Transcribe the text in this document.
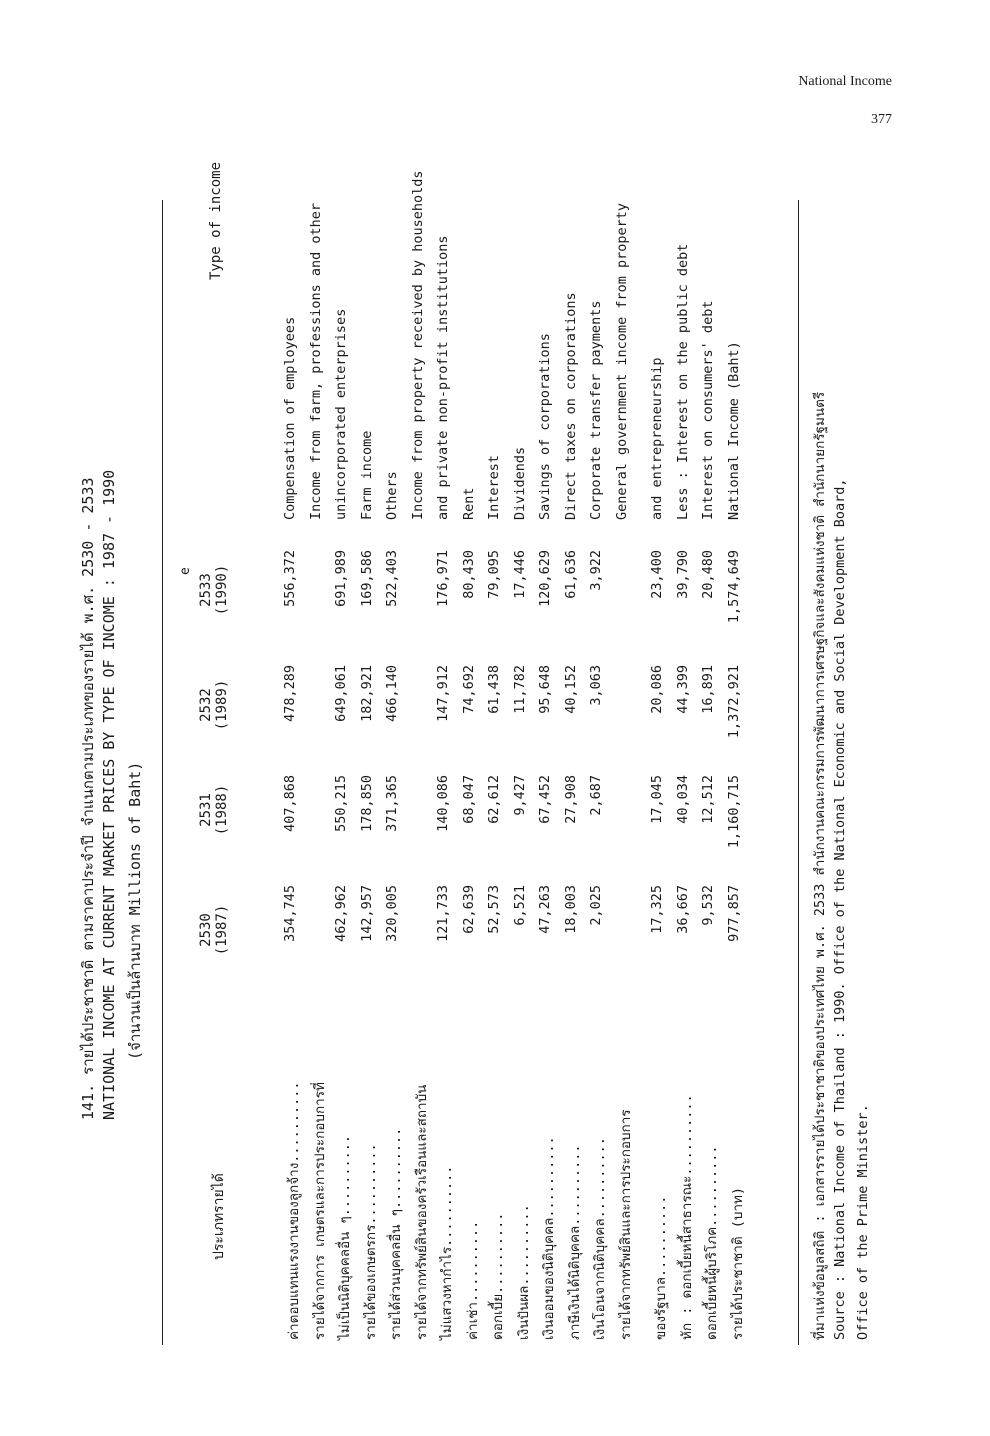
National Income
377
141. รายได้ประชาชาติ ตามราคาประจำปี จำแนกตามประเภทของรายได้ พ.ศ. 2530 - 2533 NATIONAL INCOME AT CURRENT MARKET PRICES BY TYPE OF INCOME : 1987 - 1990 (จำนวนเป็นล้านบาท Millions of Baht)
ประเภทรายได้
2530 (1987)
2531 (1988)
2532 (1989)
2533 (1990)
e
Type of income
ค่าตอบแทนแรงงานของลูกจ้าง..........
354,745
407,868
478,289
556,372
Compensation of employees
รายได้จากการ เกษตรและการประกอบการที่
Income from farm, professions and other
ไม่เป็นนิติบุคคลอื่น ๆ..........
462,962
550,215
649,061
691,989
unincorporated enterprises
รายได้ของเกษตรกร..........
142,957
178,850
182,921
169,586
Farm income
รายได้ส่วนบุคคลอื่น ๆ..........
320,005
371,365
466,140
522,403
Others
รายได้จากทรัพย์สินของครัวเรือนและสถาบัน
Income from property received by households
ไม่แสวงหากำไร..........
121,733
140,086
147,912
176,971
and private non-profit institutions
ค่าเช่า..........
62,639
68,047
74,692
80,430
Rent
ดอกเบี้ย..........
52,573
62,612
61,438
79,095
Interest
เงินปันผล..........
6,521
9,427
11,782
17,446
Dividends
เงินออมของนิติบุคคล..........
47,263
67,452
95,648
120,629
Savings of corporations
ภาษีเงินได้นิติบุคคล..........
18,003
27,908
40,152
61,636
Direct taxes on corporations
เงินโอนจากนิติบุคคล..........
2,025
2,687
3,063
3,922
Corporate transfer payments
รายได้จากทรัพย์สินและการประกอบการ
General government income from property
ของรัฐบาล..........
17,325
17,045
20,086
23,400
and entrepreneurship
หัก : ดอกเบี้ยหนี้สาธารณะ..........
36,667
40,034
44,399
39,790
Less : Interest on the public debt
ดอกเบี้ยหนี้ผู้บริโภค..........
9,532
12,512
16,891
20,480
Interest on consumers' debt
รายได้ประชาชาติ (บาท)
977,857
1,160,715
1,372,921
1,574,649
National Income (Baht)	ที่มาแห่งข้อมูลสถิติ : เอกสารรายได้ประชาชาติของประเทศไทย พ.ศ. 2533 สำนักงานคณะกรรมการพัฒนาการเศรษฐกิจและสังคมแห่งชาติ สำนักนายกรัฐมนตรี Source : National Income of Thailand : 1990. Office of the National Economic and Social Development Board, Office of the Prime Minister.
